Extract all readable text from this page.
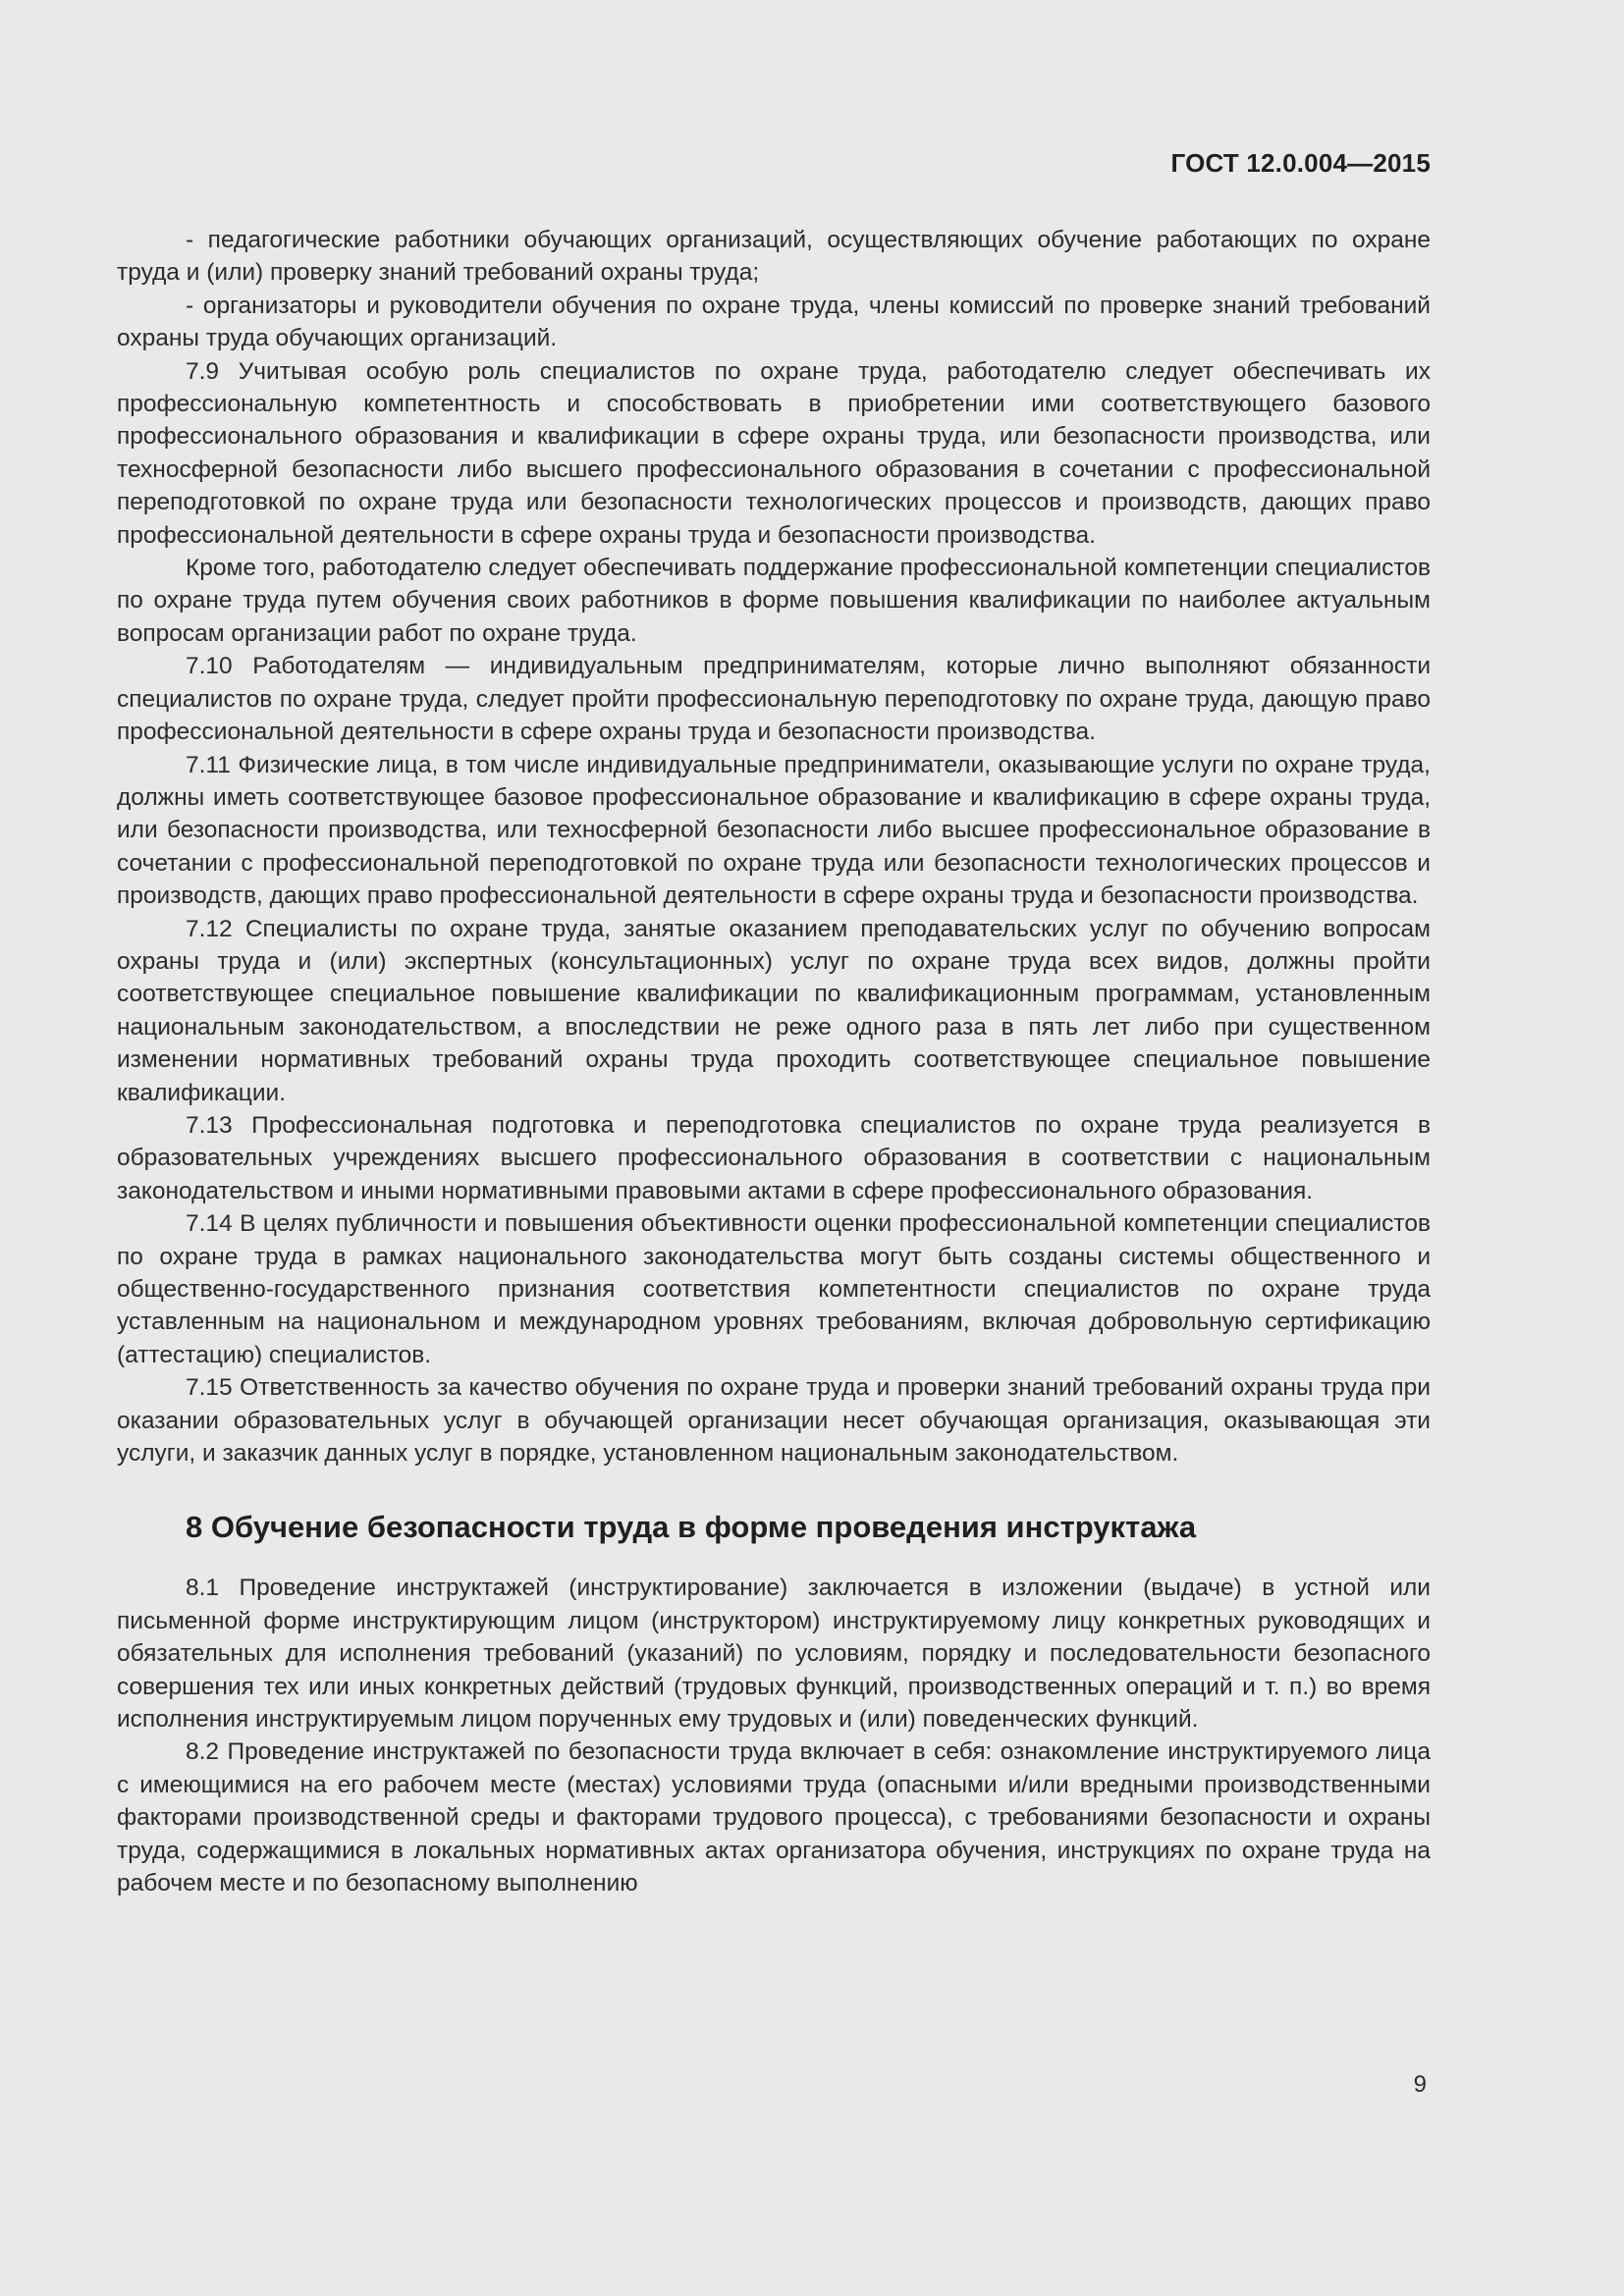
ГОСТ 12.0.004—2015

- педагогические работники обучающих организаций, осуществляющих обучение работающих по охране труда и (или) проверку знаний требований охраны труда;

- организаторы и руководители обучения по охране труда, члены комиссий по проверке знаний требований охраны труда обучающих организаций.

7.9 Учитывая особую роль специалистов по охране труда, работодателю следует обеспечивать их профессиональную компетентность и способствовать в приобретении ими соответствующего базового профессионального образования и квалификации в сфере охраны труда, или безопасности производства, или техносферной безопасности либо высшего профессионального образования в сочетании с профессиональной переподготовкой по охране труда или безопасности технологических процессов и производств, дающих право профессиональной деятельности в сфере охраны труда и безопасности производства.

Кроме того, работодателю следует обеспечивать поддержание профессиональной компетенции специалистов по охране труда путем обучения своих работников в форме повышения квалификации по наиболее актуальным вопросам организации работ по охране труда.

7.10 Работодателям — индивидуальным предпринимателям, которые лично выполняют обязанности специалистов по охране труда, следует пройти профессиональную переподготовку по охране труда, дающую право профессиональной деятельности в сфере охраны труда и безопасности производства.

7.11 Физические лица, в том числе индивидуальные предприниматели, оказывающие услуги по охране труда, должны иметь соответствующее базовое профессиональное образование и квалификацию в сфере охраны труда, или безопасности производства, или техносферной безопасности либо высшее профессиональное образование в сочетании с профессиональной переподготовкой по охране труда или безопасности технологических процессов и производств, дающих право профессиональной деятельности в сфере охраны труда и безопасности производства.

7.12 Специалисты по охране труда, занятые оказанием преподавательских услуг по обучению вопросам охраны труда и (или) экспертных (консультационных) услуг по охране труда всех видов, должны пройти соответствующее специальное повышение квалификации по квалификационным программам, установленным национальным законодательством, а впоследствии не реже одного раза в пять лет либо при существенном изменении нормативных требований охраны труда проходить соответствующее специальное повышение квалификации.

7.13 Профессиональная подготовка и переподготовка специалистов по охране труда реализуется в образовательных учреждениях высшего профессионального образования в соответствии с национальным законодательством и иными нормативными правовыми актами в сфере профессионального образования.

7.14 В целях публичности и повышения объективности оценки профессиональной компетенции специалистов по охране труда в рамках национального законодательства могут быть созданы системы общественного и общественно-государственного признания соответствия компетентности специалистов по охране труда уставленным на национальном и международном уровнях требованиям, включая добровольную сертификацию (аттестацию) специалистов.

7.15 Ответственность за качество обучения по охране труда и проверки знаний требований охраны труда при оказании образовательных услуг в обучающей организации несет обучающая организация, оказывающая эти услуги, и заказчик данных услуг в порядке, установленном национальным законодательством.

8 Обучение безопасности труда в форме проведения инструктажа

8.1 Проведение инструктажей (инструктирование) заключается в изложении (выдаче) в устной или письменной форме инструктирующим лицом (инструктором) инструктируемому лицу конкретных руководящих и обязательных для исполнения требований (указаний) по условиям, порядку и последовательности безопасного совершения тех или иных конкретных действий (трудовых функций, производственных операций и т. п.) во время исполнения инструктируемым лицом порученных ему трудовых и (или) поведенческих функций.

8.2 Проведение инструктажей по безопасности труда включает в себя: ознакомление инструктируемого лица с имеющимися на его рабочем месте (местах) условиями труда (опасными и/или вредными производственными факторами производственной среды и факторами трудового процесса), с требованиями безопасности и охраны труда, содержащимися в локальных нормативных актах организатора обучения, инструкциях по охране труда на рабочем месте и по безопасному выполнению

9
